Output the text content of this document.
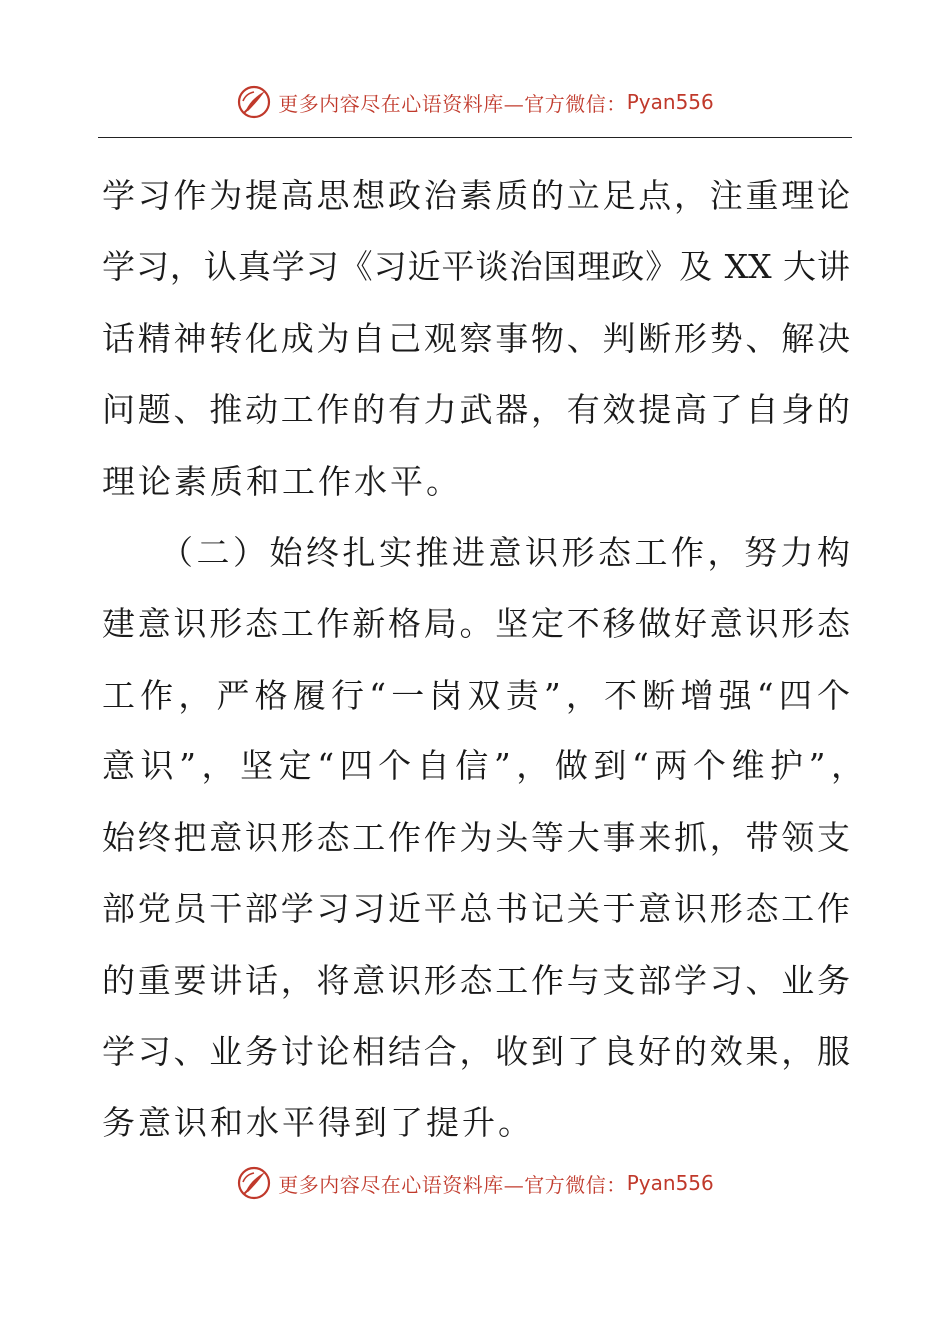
更多内容尽在心语资料库—官方微信： Pyan556
学习作为提高思想政治素质的立足点，注重理论
学习，认真学习《习近平谈治国理政》及 XX 大讲
话精神转化成为自己观察事物、判断形势、解决
问题、推动工作的有力武器，有效提高了自身的
理论素质和工作水平。
（二）始终扎实推进意识形态工作，努力构
建意识形态工作新格局。坚定不移做好意识形态
工作，严格履行“一岗双责”，不断增强“四个
意识”，坚定“四个自信”，做到“两个维护”，
始终把意识形态工作作为头等大事来抓，带领支
部党员干部学习习近平总书记关于意识形态工作
的重要讲话，将意识形态工作与支部学习、业务
学习、业务讨论相结合，收到了良好的效果，服
务意识和水平得到了提升。
更多内容尽在心语资料库—官方微信： Pyan556
